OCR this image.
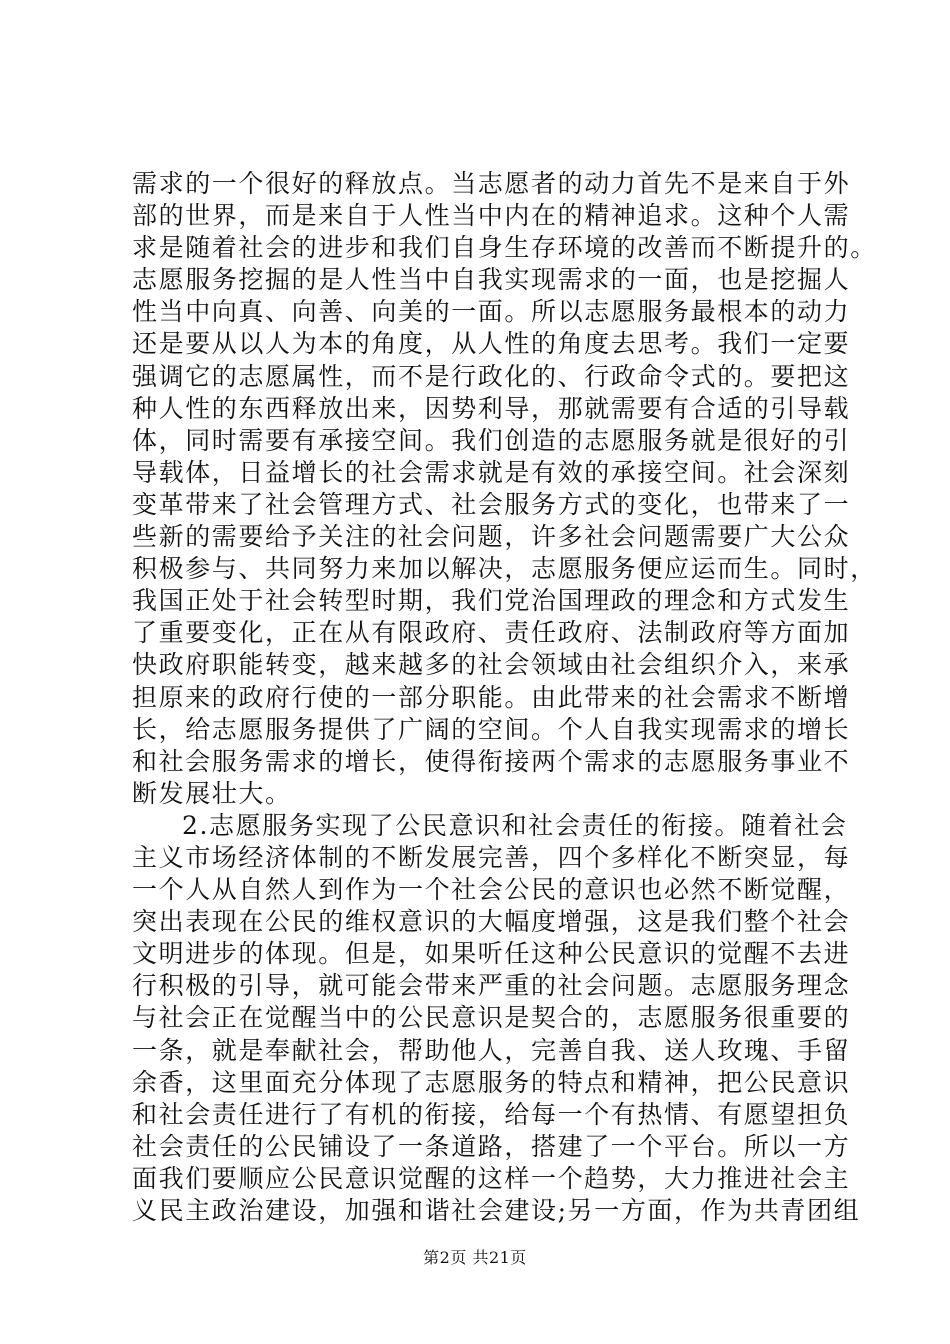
需求的一个很好的释放点。当志愿者的动力首先不是来自于外
部的世界，而是来自于人性当中内在的精神追求。这种个人需
求是随着社会的进步和我们自身生存环境的改善而不断提升的。
志愿服务挖掘的是人性当中自我实现需求的一面，也是挖掘人
性当中向真、向善、向美的一面。所以志愿服务最根本的动力
还是要从以人为本的角度，从人性的角度去思考。我们一定要
强调它的志愿属性，而不是行政化的、行政命令式的。要把这
种人性的东西释放出来，因势利导，那就需要有合适的引导载
体，同时需要有承接空间。我们创造的志愿服务就是很好的引
导载体，日益增长的社会需求就是有效的承接空间。社会深刻
变革带来了社会管理方式、社会服务方式的变化，也带来了一
些新的需要给予关注的社会问题，许多社会问题需要广大公众
积极参与、共同努力来加以解决，志愿服务便应运而生。同时，
我国正处于社会转型时期，我们党治国理政的理念和方式发生
了重要变化，正在从有限政府、责任政府、法制政府等方面加
快政府职能转变，越来越多的社会领域由社会组织介入，来承
担原来的政府行使的一部分职能。由此带来的社会需求不断增
长，给志愿服务提供了广阔的空间。个人自我实现需求的增长
和社会服务需求的增长，使得衔接两个需求的志愿服务事业不
断发展壮大。
2.志愿服务实现了公民意识和社会责任的衔接。随着社会
主义市场经济体制的不断发展完善，四个多样化不断突显，每
一个人从自然人到作为一个社会公民的意识也必然不断觉醒，
突出表现在公民的维权意识的大幅度增强，这是我们整个社会
文明进步的体现。但是，如果听任这种公民意识的觉醒不去进
行积极的引导，就可能会带来严重的社会问题。志愿服务理念
与社会正在觉醒当中的公民意识是契合的，志愿服务很重要的
一条，就是奉献社会，帮助他人，完善自我、送人玫瑰、手留
余香，这里面充分体现了志愿服务的特点和精神，把公民意识
和社会责任进行了有机的衔接，给每一个有热情、有愿望担负
社会责任的公民铺设了一条道路，搭建了一个平台。所以一方
面我们要顺应公民意识觉醒的这样一个趋势，大力推进社会主
义民主政治建设，加强和谐社会建设;另一方面，作为共青团组
第2页 共21页
